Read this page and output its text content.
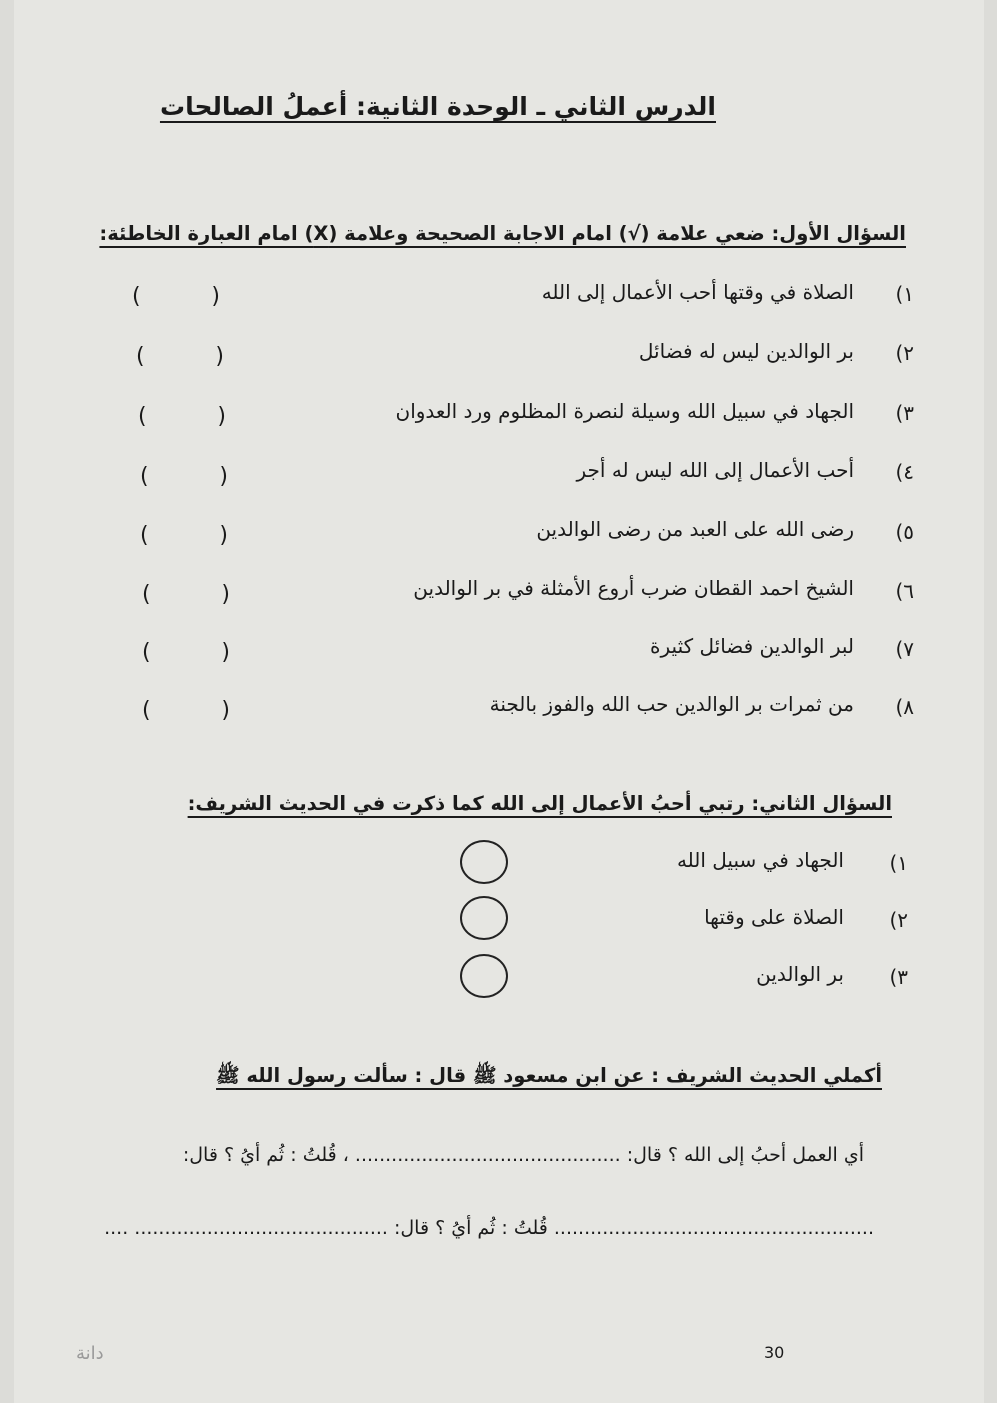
الدرس الثاني ـ الوحدة الثانية: أعملُ الصالحات
السؤال الأول: ضعي علامة (√) امام الاجابة الصحيحة وعلامة (X) امام العبارة الخاطئة:
١)
الصلاة في وقتها أحب الأعمال إلى الله
(	)
٢)
بر الوالدين ليس له فضائل
(	)
٣)
الجهاد في سبيل الله وسيلة لنصرة المظلوم ورد العدوان
(	)
٤)
أحب الأعمال إلى الله ليس له أجر
(	)
٥)
رضى الله على العبد من رضى الوالدين
(	)
٦)
الشيخ احمد القطان ضرب أروع الأمثلة في بر الوالدين
(	)
٧)
لبر الوالدين فضائل كثيرة
(	)
٨)
من ثمرات بر الوالدين حب الله والفوز بالجنة
(	)
السؤال الثاني: رتبي أحبُ الأعمال إلى الله كما ذكرت في الحديث الشريف:
١)
الجهاد في سبيل الله
٢)
الصلاة على وقتها
٣)
بر الوالدين
أكملي الحديث الشريف : عن ابن مسعود ﷺ قال : سألت رسول الله ﷺ
أي العمل أحبُ إلى الله ؟ قال: ............................................ ، قُلتُ : ثُم أيُ ؟ قال:
..................................................... قُلتُ : ثُم أيُ ؟ قال: .......................................... ....
دانة	30
